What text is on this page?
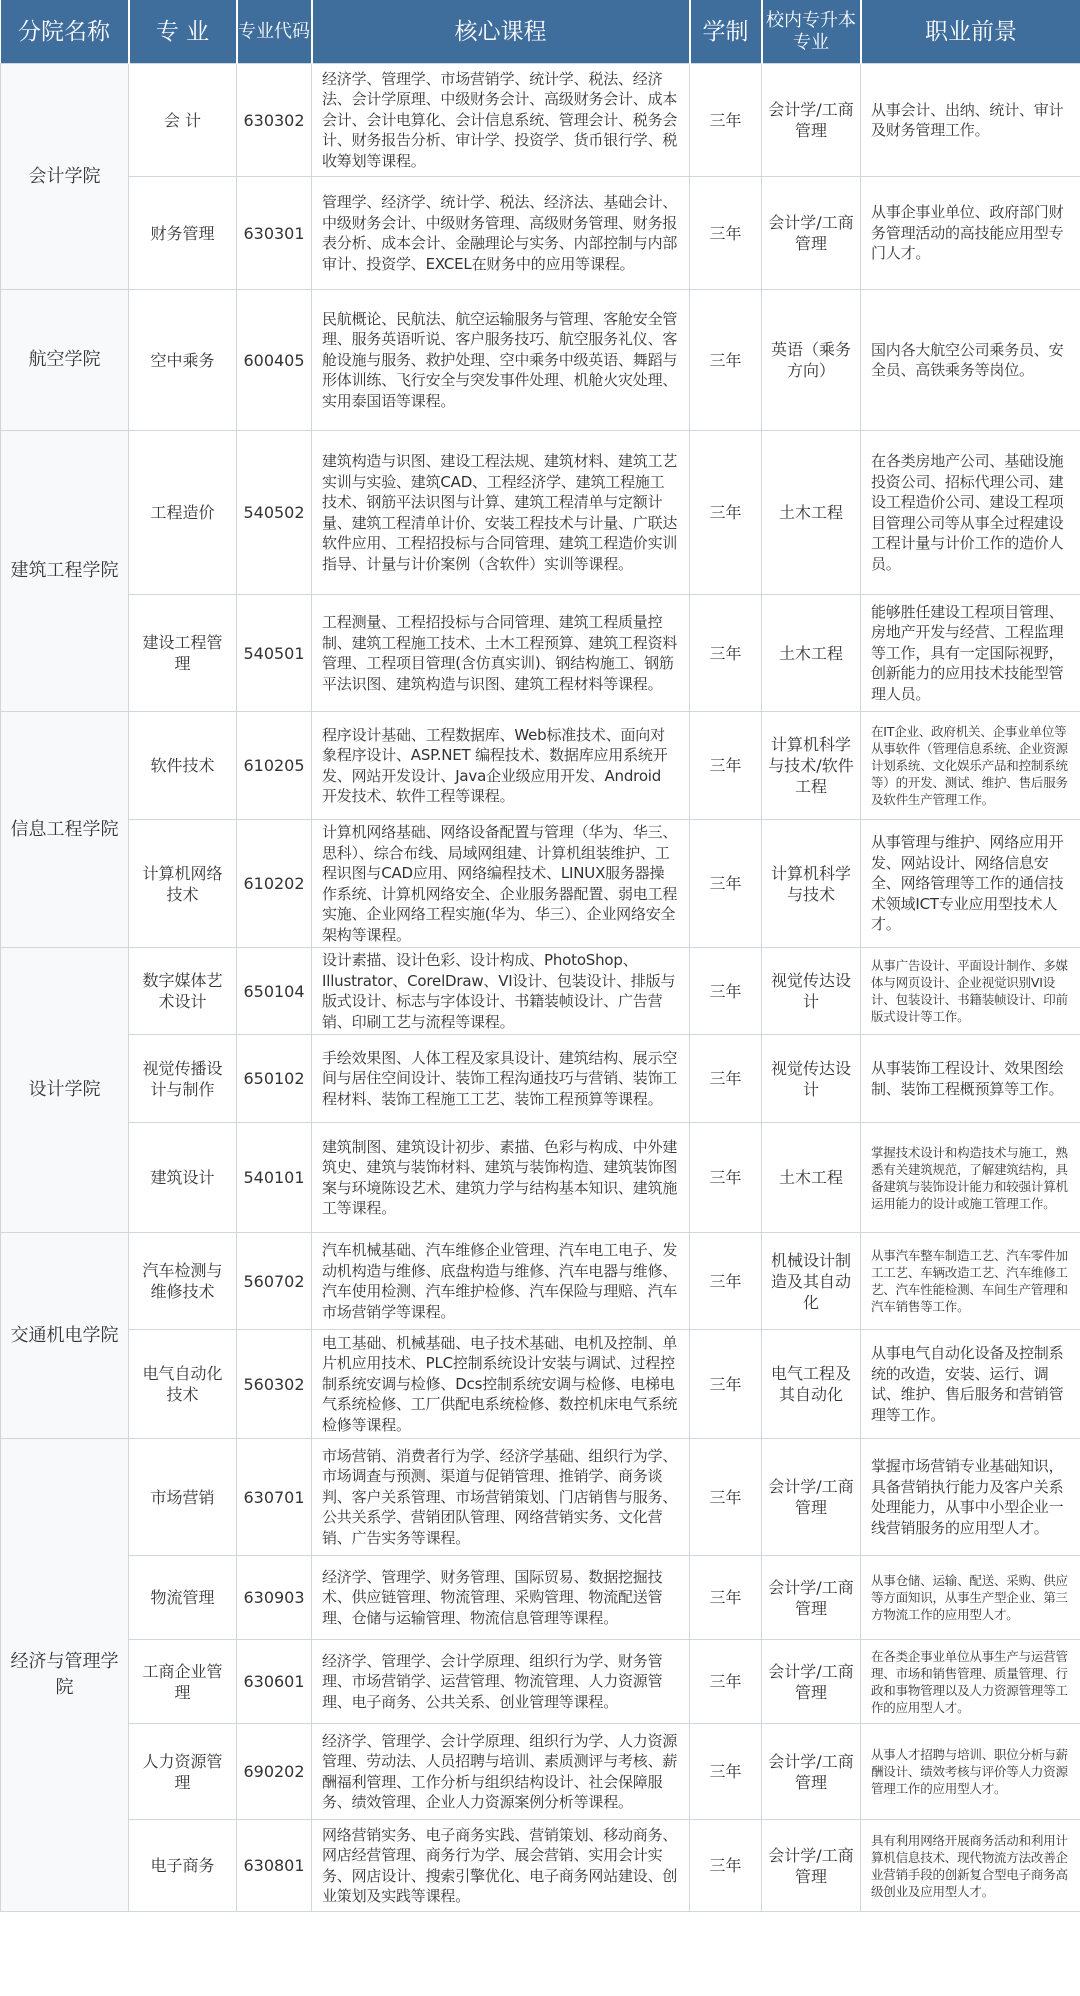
分院名称	专 业	专业代码	核心课程	学制	校内专升本专业	职业前景
会计学院	会 计	630302	经济学、管理学、市场营销学、统计学、税法、经济法、会计学原理、中级财务会计、高级财务会计、成本会计、会计电算化、会计信息系统、管理会计、税务会计、财务报告分析、审计学、投资学、货币银行学、税收筹划等课程。	三年	会计学/工商管理	从事会计、出纳、统计、审计及财务管理工作。
	财务管理	630301	管理学、经济学、统计学、税法、经济法、基础会计、中级财务会计、中级财务管理、高级财务管理、财务报表分析、成本会计、金融理论与实务、内部控制与内部审计、投资学、EXCEL在财务中的应用等课程。	三年	会计学/工商管理	从事企事业单位、政府部门财务管理活动的高技能应用型专门人才。
航空学院	空中乘务	600405	民航概论、民航法、航空运输服务与管理、客舱安全管理、服务英语听说、客户服务技巧、航空服务礼仪、客舱设施与服务、救护处理、空中乘务中级英语、舞蹈与形体训练、飞行安全与突发事件处理、机舱火灾处理、实用泰国语等课程。	三年	英语（乘务方向）	国内各大航空公司乘务员、安全员、高铁乘务等岗位。
建筑工程学院	工程造价	540502	建筑构造与识图、建设工程法规、建筑材料、建筑工艺实训与实验、建筑CAD、工程经济学、建筑工程施工技术、钢筋平法识图与计算、建筑工程清单与定额计量、建筑工程清单计价、安装工程技术与计量、广联达软件应用、工程招投标与合同管理、建筑工程造价实训指导、计量与计价案例（含软件）实训等课程。	三年	土木工程	在各类房地产公司、基础设施投资公司、招标代理公司、建设工程造价公司、建设工程项目管理公司等从事全过程建设工程计量与计价工作的造价人员。
	建设工程管理	540501	工程测量、工程招投标与合同管理、建筑工程质量控制、建筑工程施工技术、土木工程预算、建筑工程资料管理、工程项目管理(含仿真实训)、钢结构施工、钢筋平法识图、建筑构造与识图、建筑工程材料等课程。	三年	土木工程	能够胜任建设工程项目管理、房地产开发与经营、工程监理等工作，具有一定国际视野，创新能力的应用技术技能型管理人员。
信息工程学院	软件技术	610205	程序设计基础、工程数据库、Web标准技术、面向对象程序设计、ASP.NET 编程技术、数据库应用系统开发、网站开发设计、Java企业级应用开发、Android 开发技术、软件工程等课程。	三年	计算机科学与技术/软件工程	在IT企业、政府机关、企事业单位等从事软件（管理信息系统、企业资源计划系统、文化娱乐产品和控制系统等）的开发、测试、维护、售后服务及软件生产管理工作。
	计算机网络技术	610202	计算机网络基础、网络设备配置与管理（华为、华三、思科）、综合布线、局域网组建、计算机组装维护、工程识图与CAD应用、网络编程技术、LINUX服务器操作系统、计算机网络安全、企业服务器配置、弱电工程实施、企业网络工程实施(华为、华三）、企业网络安全架构等课程。	三年	计算机科学与技术	从事管理与维护、网络应用开发、网站设计、网络信息安全、网络管理等工作的通信技术领域ICT专业应用型技术人才。
设计学院	数字媒体艺术设计	650104	设计素描、设计色彩、设计构成、PhotoShop、Illustrator、CorelDraw、VI设计、包装设计、排版与版式设计、标志与字体设计、书籍装帧设计、广告营销、印刷工艺与流程等课程。	三年	视觉传达设计	从事广告设计、平面设计制作、多媒体与网页设计、企业视觉识别VI设计、包装设计、书籍装帧设计、印前版式设计等工作。
	视觉传播设计与制作	650102	手绘效果图、人体工程及家具设计、建筑结构、展示空间与居住空间设计、装饰工程沟通技巧与营销、装饰工程材料、装饰工程施工工艺、装饰工程预算等课程。	三年	视觉传达设计	从事装饰工程设计、效果图绘制、装饰工程概预算等工作。
	建筑设计	540101	建筑制图、建筑设计初步、素描、色彩与构成、中外建筑史、建筑与装饰材料、建筑与装饰构造、建筑装饰图案与环境陈设艺术、建筑力学与结构基本知识、建筑施工等课程。	三年	土木工程	掌握技术设计和构造技术与施工，熟悉有关建筑规范，了解建筑结构，具备建筑与装饰设计能力和较强计算机运用能力的设计或施工管理工作。
交通机电学院	汽车检测与维修技术	560702	汽车机械基础、汽车维修企业管理、汽车电工电子、发动机构造与维修、底盘构造与维修、汽车电器与维修、汽车使用检测、汽车维护检修、汽车保险与理赔、汽车市场营销学等课程。	三年	机械设计制造及其自动化	从事汽车整车制造工艺、汽车零件加工工艺、车辆改造工艺、汽车维修工艺、汽车性能检测、车间生产管理和汽车销售等工作。
	电气自动化技术	560302	电工基础、机械基础、电子技术基础、电机及控制、单片机应用技术、PLC控制系统设计安装与调试、过程控制系统安调与检修、Dcs控制系统安调与检修、电梯电气系统检修、工厂供配电系统检修、数控机床电气系统检修等课程。	三年	电气工程及其自动化	从事电气自动化设备及控制系统的改造，安装、运行、调试、维护、售后服务和营销管理等工作。
经济与管理学院	市场营销	630701	市场营销、消费者行为学、经济学基础、组织行为学、市场调查与预测、渠道与促销管理、推销学、商务谈判、客户关系管理、市场营销策划、门店销售与服务、公共关系学、营销团队管理、网络营销实务、文化营销、广告实务等课程。	三年	会计学/工商管理	掌握市场营销专业基础知识，具备营销执行能力及客户关系处理能力，从事中小型企业一线营销服务的应用型人才。
	物流管理	630903	经济学、管理学、财务管理、国际贸易、数据挖掘技术、供应链管理、物流管理、采购管理、物流配送管理、仓储与运输管理、物流信息管理等课程。	三年	会计学/工商管理	从事仓储、运输、配送、采购、供应等方面知识，从事生产型企业、第三方物流工作的应用型人才。
	工商企业管理	630601	经济学、管理学、会计学原理、组织行为学、财务管理、市场营销学、运营管理、物流管理、人力资源管理、电子商务、公共关系、创业管理等课程。	三年	会计学/工商管理	在各类企事业单位从事生产与运营管理、市场和销售管理、质量管理、行政和事物管理以及人力资源管理等工作的应用型人才。
	人力资源管理	690202	经济学、管理学、会计学原理、组织行为学、人力资源管理、劳动法、人员招聘与培训、素质测评与考核、薪酬福利管理、工作分析与组织结构设计、社会保障服务、绩效管理、企业人力资源案例分析等课程。	三年	会计学/工商管理	从事人才招聘与培训、职位分析与薪酬设计、绩效考核与评价等人力资源管理工作的应用型人才。
	电子商务	630801	网络营销实务、电子商务实践、营销策划、移动商务、网店经营管理、商务行为学、展会营销、实用会计实务、网店设计、搜索引擎优化、电子商务网站建设、创业策划及实践等课程。	三年	会计学/工商管理	具有利用网络开展商务活动和利用计算机信息技术、现代物流方法改善企业营销手段的创新复合型电子商务高级创业及应用型人才。
